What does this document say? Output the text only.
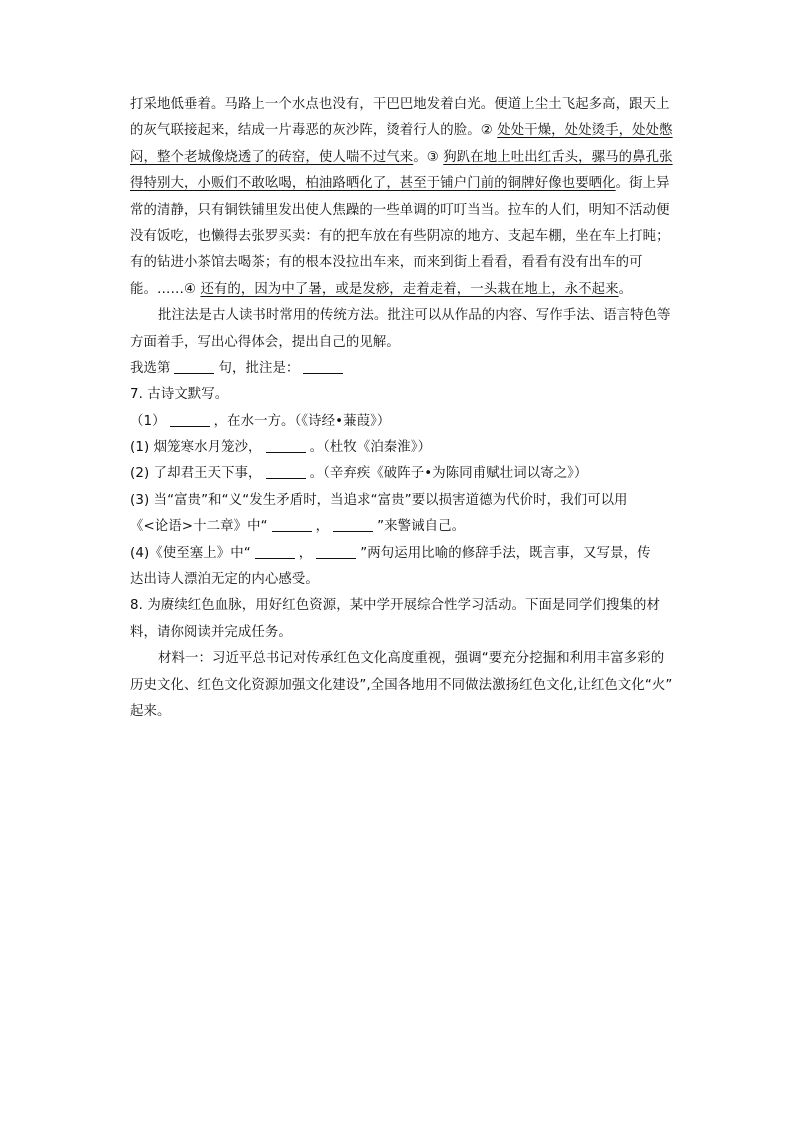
打采地低垂着。马路上一个水点也没有，干巴巴地发着白光。便道上尘土飞起多高，跟天上
的灰气联接起来，结成一片毒恶的灰沙阵，烫着行人的脸。② 处处干燥，处处烫手，处处憋
闷，整个老城像烧透了的砖窑，使人喘不过气来。③ 狗趴在地上吐出红舌头，骡马的鼻孔张
得特别大，小贩们不敢吆喝，柏油路晒化了，甚至于铺户门前的铜牌好像也要晒化。街上异
常的清静，只有铜铁铺里发出使人焦躁的一些单调的叮叮当当。拉车的人们，明知不活动便
没有饭吃，也懒得去张罗买卖：有的把车放在有些阴凉的地方、支起车棚，坐在车上打盹；
有的钻进小茶馆去喝茶；有的根本没拉出车来，而来到街上看看，看看有没有出车的可
能。……④ 还有的，因为中了暑，或是发痧，走着走着，一头栽在地上，永不起来。
批注法是古人读书时常用的传统方法。批注可以从作品的内容、写作手法、语言特色等
方面着手，写出心得体会，提出自己的见解。
我选第	句，批注是：
7. 古诗文默写。
（1）	，在水一方。（《诗经•蒹葭》）
(1) 烟笼寒水月笼沙，	。（杜牧《泊秦淮》）
(2) 了却君王天下事，	。（辛弃疾《破阵子•为陈同甫赋壮词以寄之》）
(3) 当“富贵”和“义“发生矛盾时，当追求“富贵”要以损害道德为代价时，我们可以用
《<论语>十二章》中“	，	”来警诫自己。
(4)《使至塞上》中“	，	”两句运用比喻的修辞手法，既言事，又写景，传
达出诗人漂泊无定的内心感受。
8. 为赓续红色血脉，用好红色资源，某中学开展综合性学习活动。下面是同学们搜集的材
料，请你阅读并完成任务。
材料一：习近平总书记对传承红色文化高度重视，强调“要充分挖掘和利用丰富多彩的
历史文化、红色文化资源加强文化建设”,全国各地用不同做法激扬红色文化,让红色文化“火”
起来。
